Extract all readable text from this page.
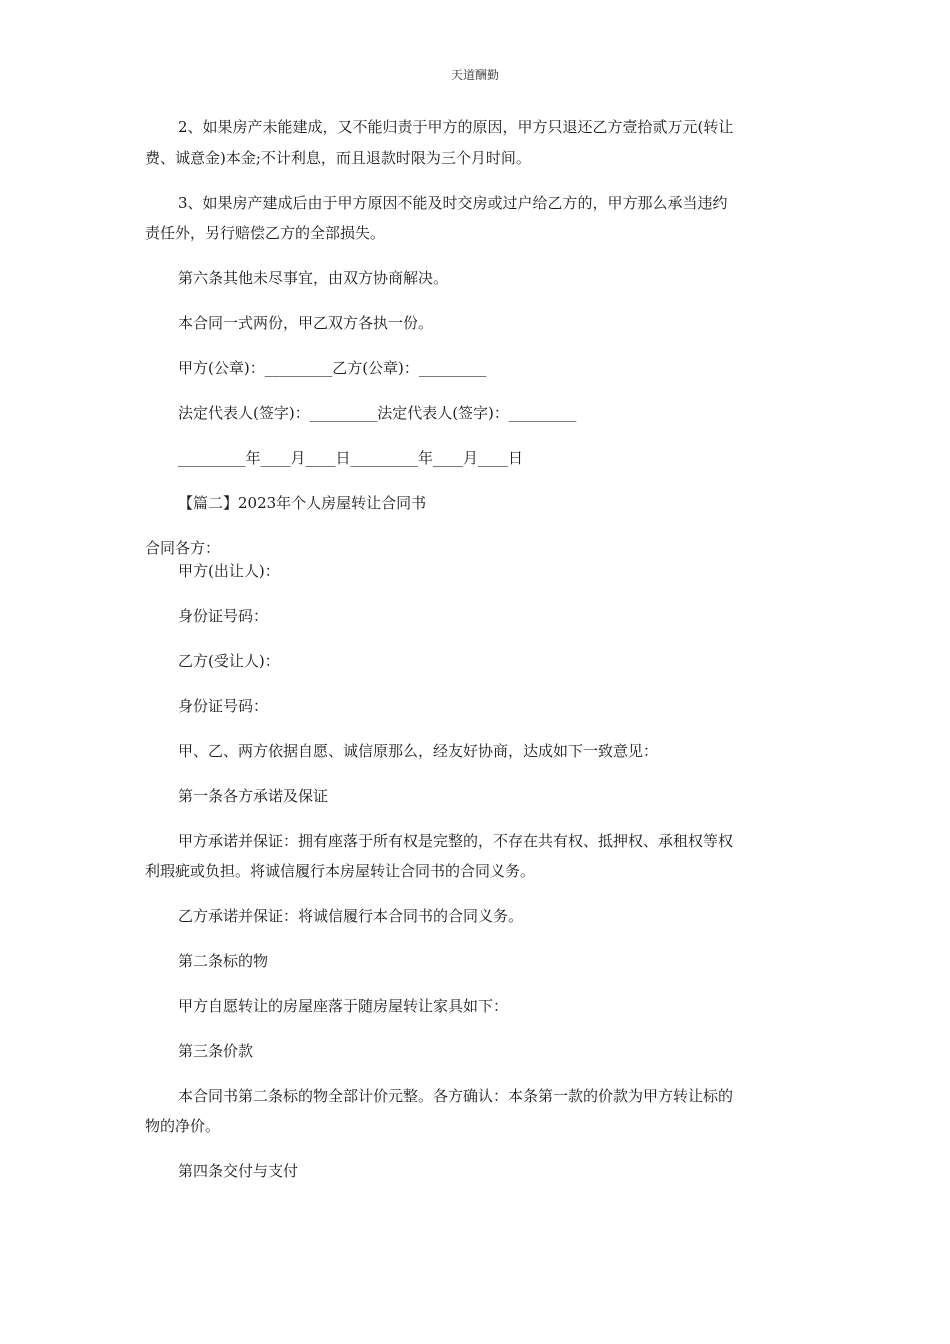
天道酬勤
2、如果房产未能建成，又不能归责于甲方的原因，甲方只退还乙方壹拾贰万元(转让
费、诚意金)本金;不计利息，而且退款时限为三个月时间。
3、如果房产建成后由于甲方原因不能及时交房或过户给乙方的，甲方那么承当违约
责任外，另行赔偿乙方的全部损失。
第六条其他未尽事宜，由双方协商解决。
本合同一式两份，甲乙双方各执一份。
甲方(公章)：_________乙方(公章)：_________
法定代表人(签字)：_________法定代表人(签字)：_________
_________年____月____日_________年____月____日
【篇二】2023年个人房屋转让合同书
合同各方：
甲方(出让人)：
身份证号码：
乙方(受让人)：
身份证号码：
甲、乙、两方依据自愿、诚信原那么，经友好协商，达成如下一致意见：
第一条各方承诺及保证
甲方承诺并保证：拥有座落于所有权是完整的，不存在共有权、抵押权、承租权等权
利瑕疵或负担。将诚信履行本房屋转让合同书的合同义务。
乙方承诺并保证：将诚信履行本合同书的合同义务。
第二条标的物
甲方自愿转让的房屋座落于随房屋转让家具如下：
第三条价款
本合同书第二条标的物全部计价元整。各方确认：本条第一款的价款为甲方转让标的
物的净价。
第四条交付与支付
